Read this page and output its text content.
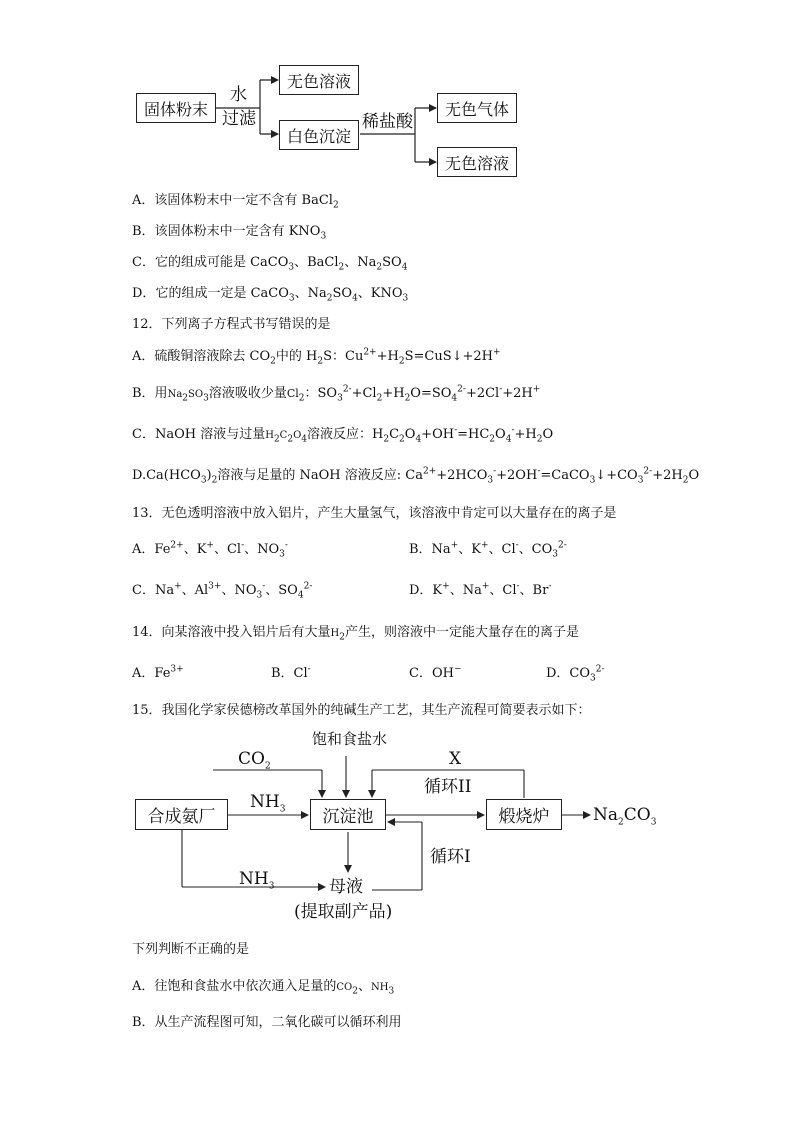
固体粉末
无色溶液
白色沉淀
无色气体
无色溶液
水
过滤	稀盐酸
A．该固体粉末中一定不含有 BaCl$_2$
B．该固体粉末中一定含有 $KNO_3$
C．它的组成可能是 CaCO$_3$、BaCl$_2$、$Na_2SO_4$
D．它的组成一定是 CaCO$_3$、$Na_2SO_4$、$KNO_3$
12．下列离子方程式书写错误的是
A．硫酸铜溶液除去 $CO_2$中的 $H_2S$：$Cu^{2+}+H_2S=CuS↓+2H^+$
B．用$Na_2SO_3$溶液吸收少量$Cl_2$：$SO_3^{2-}+Cl_2+H_2O=SO_4^{2-}+2Cl^-+2H^+$
C．NaOH 溶液与过量$H_2C_2O_4$溶液反应：$H_2C_2O_4+OH^-=HC_2O_4^-+H_2O$
$D.Ca(HCO_3)_2$溶液与足量的 NaOH 溶液反应: $Ca^{2+}+2HCO_3^-+2OH^-=CaCO_3↓+CO_3^{2-}+2H_2O$
13．无色透明溶液中放入铝片，产生大量氢气，该溶液中肯定可以大量存在的离子是
A．$Fe^{2+}$、K+、Cl-、$NO_3^-$	B．Na+、K+、Cl-、$CO_3^{2-}$
C．Na+、$Al^{3+}$、$NO_3^-$、$SO_4^{2-}$	D．K+、Na+、Cl-、Br-
14．向某溶液中投入铝片后有大量$H_2$产生，则溶液中一定能大量存在的离子是
A．$Fe^{3+}$	B．Cl-	C．OH−	D．$CO_3^{2-}$
15．我国化学家侯德榜改革国外的纯碱生产工艺，其生产流程可简要表示如下：
饱和食盐水
$CO_2$	X
循环II
$NH_3$
循环I
$NH_3$
$Na_2CO_3$
合成氨厂	沉淀池	煅烧炉
母液
(提取副产品)
下列判断不正确的是
A．往饱和食盐水中依次通入足量的$CO_2$、$NH_3$
B．从生产流程图可知，二氧化碳可以循环利用
